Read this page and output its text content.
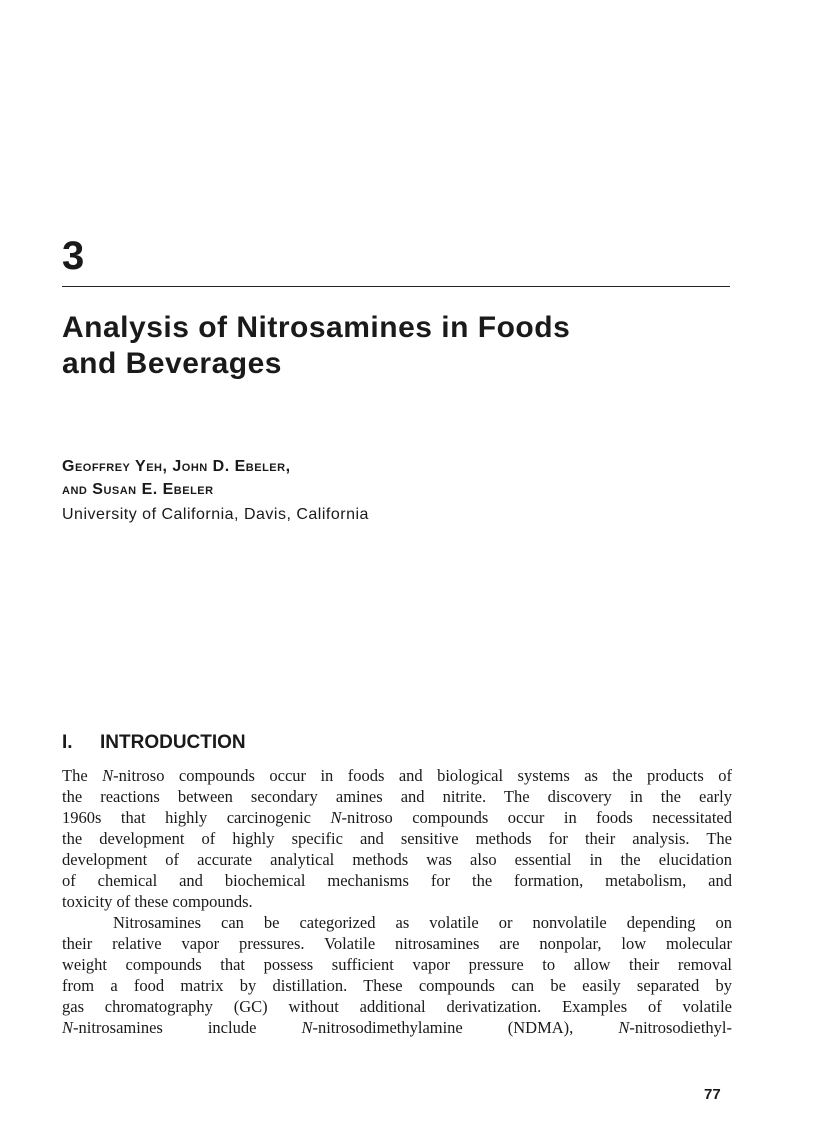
3
Analysis of Nitrosamines in Foods
and Beverages
Geoffrey Yeh, John D. Ebeler,
and Susan E. Ebeler
University of California, Davis, California
I. INTRODUCTION
The N-nitroso compounds occur in foods and biological systems as the products of
the reactions between secondary amines and nitrite. The discovery in the early
1960s that highly carcinogenic N-nitroso compounds occur in foods necessitated
the development of highly specific and sensitive methods for their analysis. The
development of accurate analytical methods was also essential in the elucidation
of chemical and biochemical mechanisms for the formation, metabolism, and
toxicity of these compounds.
Nitrosamines can be categorized as volatile or nonvolatile depending on
their relative vapor pressures. Volatile nitrosamines are nonpolar, low molecular
weight compounds that possess sufficient vapor pressure to allow their removal
from a food matrix by distillation. These compounds can be easily separated by
gas chromatography (GC) without additional derivatization. Examples of volatile
N-nitrosamines include N-nitrosodimethylamine (NDMA), N-nitrosodiethyl-
77
